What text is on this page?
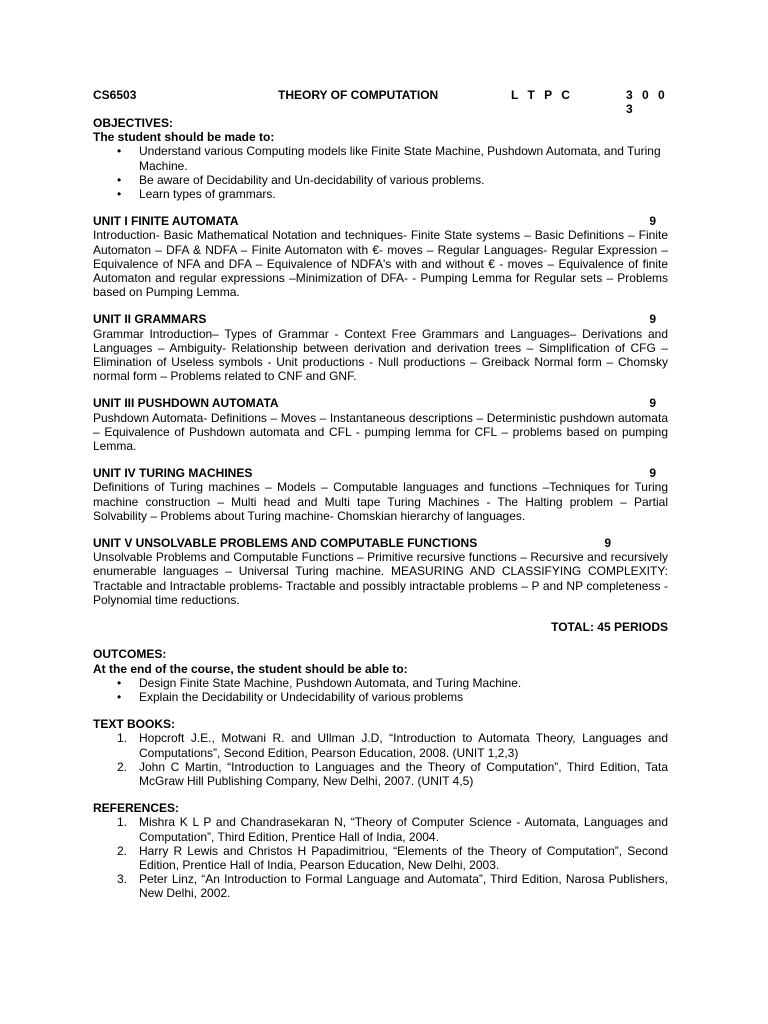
CS6503	THEORY OF COMPUTATION	L T P C	3 0 0 3
OBJECTIVES:
The student should be made to:
• Understand various Computing models like Finite State Machine, Pushdown Automata, and Turing Machine.
• Be aware of Decidability and Un-decidability of various problems.
• Learn types of grammars.
UNIT I FINITE AUTOMATA	9
Introduction- Basic Mathematical Notation and techniques- Finite State systems – Basic Definitions – Finite Automaton – DFA & NDFA – Finite Automaton with €- moves – Regular Languages- Regular Expression – Equivalence of NFA and DFA – Equivalence of NDFA's with and without € - moves – Equivalence of finite Automaton and regular expressions –Minimization of DFA- - Pumping Lemma for Regular sets – Problems based on Pumping Lemma.
UNIT II GRAMMARS	9
Grammar Introduction– Types of Grammar - Context Free Grammars and Languages– Derivations and Languages – Ambiguity- Relationship between derivation and derivation trees – Simplification of CFG – Elimination of Useless symbols - Unit productions - Null productions – Greiback Normal form – Chomsky normal form – Problems related to CNF and GNF.
UNIT III PUSHDOWN AUTOMATA	9
Pushdown Automata- Definitions – Moves – Instantaneous descriptions – Deterministic pushdown automata – Equivalence of Pushdown automata and CFL - pumping lemma for CFL – problems based on pumping Lemma.
UNIT IV TURING MACHINES	9
Definitions of Turing machines – Models – Computable languages and functions –Techniques for Turing machine construction – Multi head and Multi tape Turing Machines - The Halting problem – Partial Solvability – Problems about Turing machine- Chomskian hierarchy of languages.
UNIT V UNSOLVABLE PROBLEMS AND COMPUTABLE FUNCTIONS	9
Unsolvable Problems and Computable Functions – Primitive recursive functions – Recursive and recursively enumerable languages – Universal Turing machine. MEASURING AND CLASSIFYING COMPLEXITY: Tractable and Intractable problems- Tractable and possibly intractable problems – P and NP completeness - Polynomial time reductions.
TOTAL: 45 PERIODS
OUTCOMES:
At the end of the course, the student should be able to:
• Design Finite State Machine, Pushdown Automata, and Turing Machine.
• Explain the Decidability or Undecidability of various problems
TEXT BOOKS:
1. Hopcroft J.E., Motwani R. and Ullman J.D, “Introduction to Automata Theory, Languages and Computations”, Second Edition, Pearson Education, 2008. (UNIT 1,2,3)
2. John C Martin, “Introduction to Languages and the Theory of Computation”, Third Edition, Tata McGraw Hill Publishing Company, New Delhi, 2007. (UNIT 4,5)
REFERENCES:
1. Mishra K L P and Chandrasekaran N, “Theory of Computer Science - Automata, Languages and Computation”, Third Edition, Prentice Hall of India, 2004.
2. Harry R Lewis and Christos H Papadimitriou, “Elements of the Theory of Computation”, Second Edition, Prentice Hall of India, Pearson Education, New Delhi, 2003.
3. Peter Linz, “An Introduction to Formal Language and Automata”, Third Edition, Narosa Publishers, New Delhi, 2002.
